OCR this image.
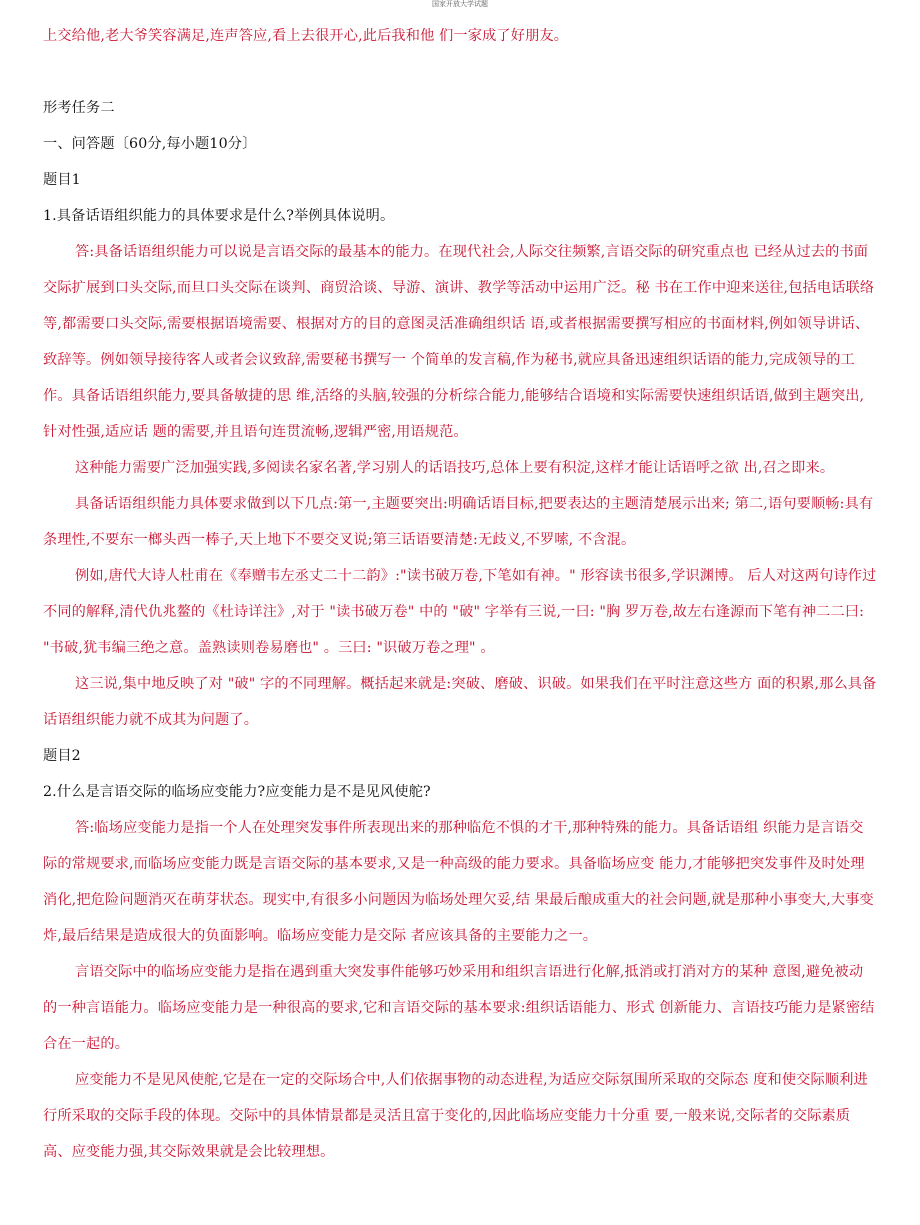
国家开放大学试题

上交给他,老大爷笑容满足,连声答应,看上去很开心,此后我和他 们一家成了好朋友。

形考任务二

一、问答题〔60分,每小题10分〕

题目1

1.具备话语组织能力的具体要求是什么?举例具体说明。

答:具备话语组织能力可以说是言语交际的最基本的能力。在现代社会,人际交往频繁,言语交际的研究重点也 已经从过去的书面交际扩展到口头交际,而旦口头交际在谈判、商贸洽谈、导游、演讲、教学等活动中运用广泛。秘 书在工作中迎来送往,包括电话联络等,都需要口头交际,需要根据语境需要、根据对方的目的意图灵活准确组织话 语,或者根据需要撰写相应的书面材料,例如领导讲话、致辞等。例如领导接待客人或者会议致辞,需要秘书撰写一 个简单的发言稿,作为秘书,就应具备迅速组织话语的能力,完成领导的工作。具备话语组织能力,要具备敏捷的思 维,活络的头脑,较强的分析综合能力,能够结合语境和实际需要快速组织话语,做到主题突出,针对性强,适应话 题的需要,并且语句连贯流畅,逻辑严密,用语规范。

这种能力需要广泛加强实践,多阅读名家名著,学习别人的话语技巧,总体上要有积淀,这样才能让话语呼之欲 出,召之即来。

具备话语组织能力具体要求做到以下几点:第一,主题要突出:明确话语目标,把要表达的主题清楚展示出来; 第二,语句要顺畅:具有条理性,不要东一榔头西一棒子,天上地下不要交叉说;第三话语要清楚:无歧义,不罗嗦, 不含混。

例如,唐代大诗人杜甫在《奉赠韦左丞丈二十二韵》:"读书破万卷,下笔如有神。" 形容读书很多,学识渊博。 后人对这两句诗作过不同的解释,清代仇兆鳌的《杜诗详注》,对于 "读书破万卷" 中的 "破" 字举有三说,一曰: "胸 罗万卷,故左右逢源而下笔有神二二曰: "书破,犹韦编三绝之意。盖熟读则卷易磨也" 。三曰: "识破万卷之理" 。

这三说,集中地反映了对 "破" 字的不同理解。概括起来就是:突破、磨破、识破。如果我们在平时注意这些方 面的积累,那么具备话语组织能力就不成其为问题了。

题目2

2.什么是言语交际的临场应变能力?应变能力是不是见风使舵?

答:临场应变能力是指一个人在处理突发事件所表现出来的那种临危不惧的才干,那种特殊的能力。具备话语组 织能力是言语交际的常规要求,而临场应变能力既是言语交际的基本要求,又是一种高级的能力要求。具备临场应变 能力,才能够把突发事件及时处理消化,把危险问题消灭在萌芽状态。现实中,有很多小问题因为临场处理欠妥,结 果最后酿成重大的社会问题,就是那种小事变大,大事变炸,最后结果是造成很大的负面影响。临场应变能力是交际 者应该具备的主要能力之一。

言语交际中的临场应变能力是指在遇到重大突发事件能够巧妙采用和组织言语进行化解,抵消或打消对方的某种 意图,避免被动的一种言语能力。临场应变能力是一种很高的要求,它和言语交际的基本要求:组织话语能力、形式 创新能力、言语技巧能力是紧密结合在一起的。

应变能力不是见风使舵,它是在一定的交际场合中,人们依据事物的动态进程,为适应交际氛围所采取的交际态 度和使交际顺利进行所采取的交际手段的体现。交际中的具体情景都是灵活且富于变化的,因此临场应变能力十分重 要,一般来说,交际者的交际素质高、应变能力强,其交际效果就是会比较理想。
